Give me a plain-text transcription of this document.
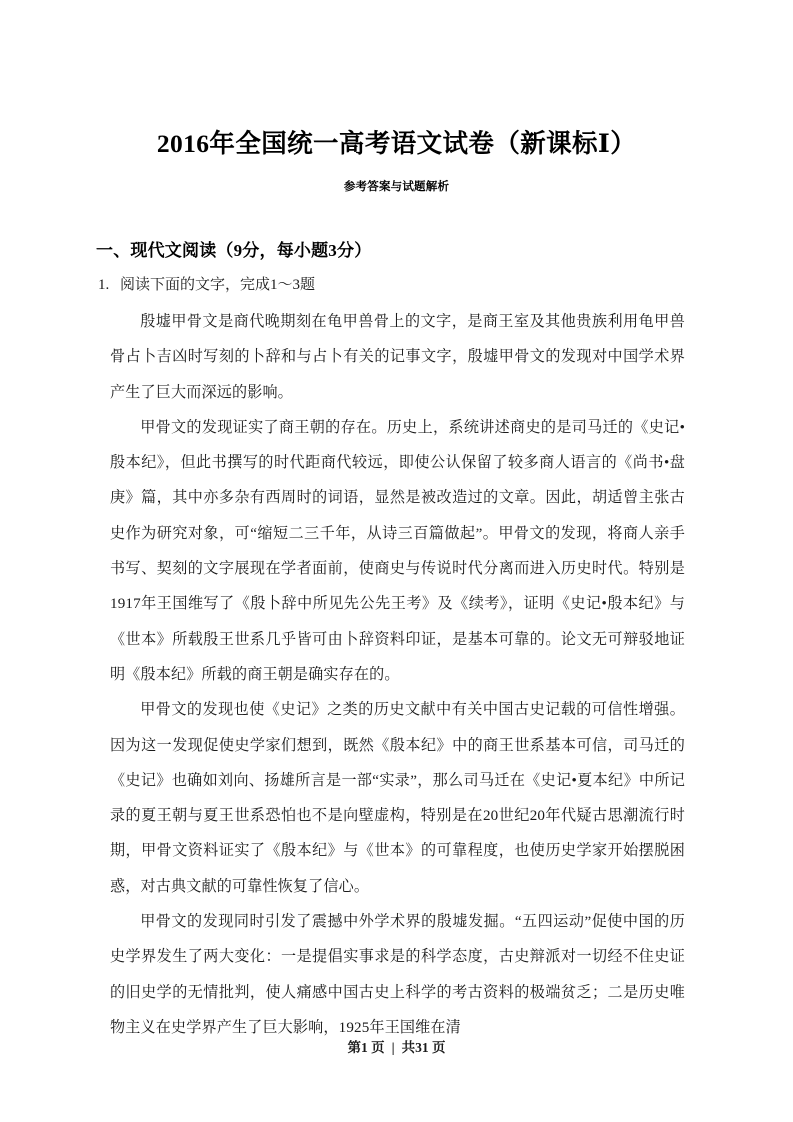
2016年全国统一高考语文试卷（新课标Ⅰ）
参考答案与试题解析
一、现代文阅读（9分，每小题3分）
1. 阅读下面的文字，完成1～3题

殷墟甲骨文是商代晚期刻在龟甲兽骨上的文字，是商王室及其他贵族利用龟甲兽骨占卜吉凶时写刻的卜辞和与占卜有关的记事文字，殷墟甲骨文的发现对中国学术界产生了巨大而深远的影响。

甲骨文的发现证实了商王朝的存在。历史上，系统讲述商史的是司马迁的《史记•殷本纪》，但此书撰写的时代距商代较远，即使公认保留了较多商人语言的《尚书•盘庚》篇，其中亦多杂有西周时的词语，显然是被改造过的文章。因此，胡适曾主张古史作为研究对象，可“缩短二三千年，从诗三百篇做起”。甲骨文的发现，将商人亲手书写、契刻的文字展现在学者面前，使商史与传说时代分离而进入历史时代。特别是1917年王国维写了《殷卜辞中所见先公先王考》及《续考》，证明《史记•殷本纪》与《世本》所载殷王世系几乎皆可由卜辞资料印证，是基本可靠的。论文无可辩驳地证明《殷本纪》所载的商王朝是确实存在的。

甲骨文的发现也使《史记》之类的历史文献中有关中国古史记载的可信性增强。因为这一发现促使史学家们想到，既然《殷本纪》中的商王世系基本可信，司马迁的《史记》也确如刘向、扬雄所言是一部“实录”，那么司马迁在《史记•夏本纪》中所记录的夏王朝与夏王世系恐怕也不是向壁虚构，特别是在20世纪20年代疑古思潮流行时期，甲骨文资料证实了《殷本纪》与《世本》的可靠程度，也使历史学家开始摆脱困惑，对古典文献的可靠性恢复了信心。

甲骨文的发现同时引发了震撼中外学术界的殷墟发掘。“五四运动”促使中国的历史学界发生了两大变化：一是提倡实事求是的科学态度，古史辩派对一切经不住史证的旧史学的无情批判，使人痛感中国古史上科学的考古资料的极端贫乏；二是历史唯物主义在史学界产生了巨大影响，1925年王国维在清

第1 页 | 共31 页
